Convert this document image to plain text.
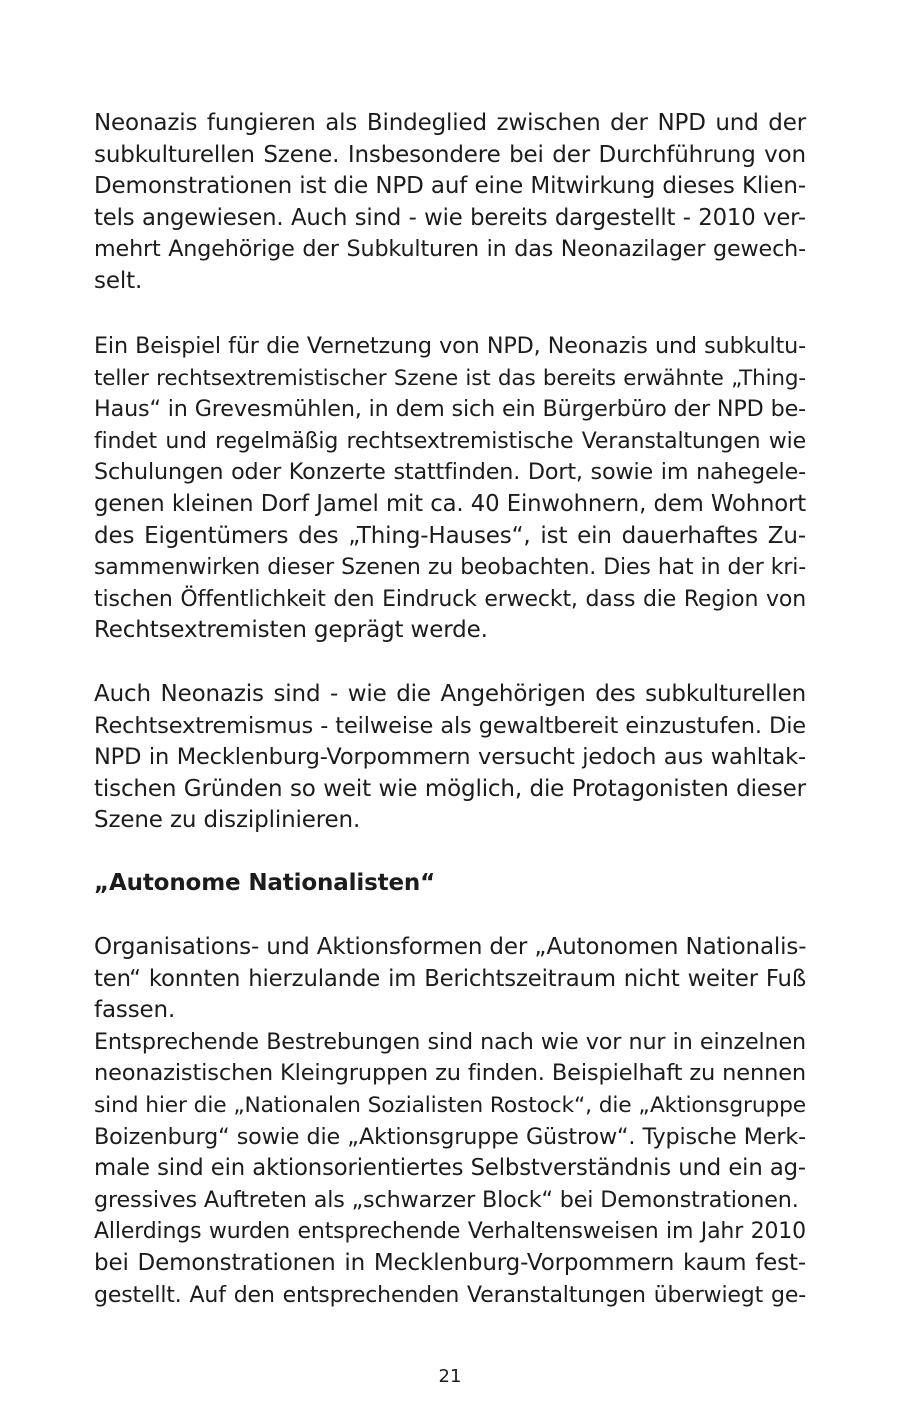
Neonazis fungieren als Bindeglied zwischen der NPD und der
subkulturellen Szene. Insbesondere bei der Durchführung von
Demonstrationen ist die NPD auf eine Mitwirkung dieses Klien-
tels angewiesen. Auch sind - wie bereits dargestellt - 2010 ver-
mehrt Angehörige der Subkulturen in das Neonazilager gewech-
selt.

Ein Beispiel für die Vernetzung von NPD, Neonazis und subkultu-
teller rechtsextremistischer Szene ist das bereits erwähnte „Thing-
Haus“ in Grevesmühlen, in dem sich ein Bürgerbüro der NPD be-
findet und regelmäßig rechtsextremistische Veranstaltungen wie
Schulungen oder Konzerte stattfinden. Dort, sowie im nahegele-
genen kleinen Dorf Jamel mit ca. 40 Einwohnern, dem Wohnort
des Eigentümers des „Thing-Hauses“, ist ein dauerhaftes Zu-
sammenwirken dieser Szenen zu beobachten. Dies hat in der kri-
tischen Öffentlichkeit den Eindruck erweckt, dass die Region von
Rechtsextremisten geprägt werde.

Auch Neonazis sind - wie die Angehörigen des subkulturellen
Rechtsextremismus - teilweise als gewaltbereit einzustufen. Die
NPD in Mecklenburg-Vorpommern versucht jedoch aus wahltak-
tischen Gründen so weit wie möglich, die Protagonisten dieser
Szene zu disziplinieren.

„Autonome Nationalisten“

Organisations- und Aktionsformen der „Autonomen Nationalis-
ten“ konnten hierzulande im Berichtszeitraum nicht weiter Fuß
fassen.
Entsprechende Bestrebungen sind nach wie vor nur in einzelnen
neonazistischen Kleingruppen zu finden. Beispielhaft zu nennen
sind hier die „Nationalen Sozialisten Rostock“, die „Aktionsgruppe
Boizenburg“ sowie die „Aktionsgruppe Güstrow“. Typische Merk-
male sind ein aktionsorientiertes Selbstverständnis und ein ag-
gressives Auftreten als „schwarzer Block“ bei Demonstrationen.
Allerdings wurden entsprechende Verhaltensweisen im Jahr 2010
bei Demonstrationen in Mecklenburg-Vorpommern kaum fest-
gestellt. Auf den entsprechenden Veranstaltungen überwiegt ge-

21
